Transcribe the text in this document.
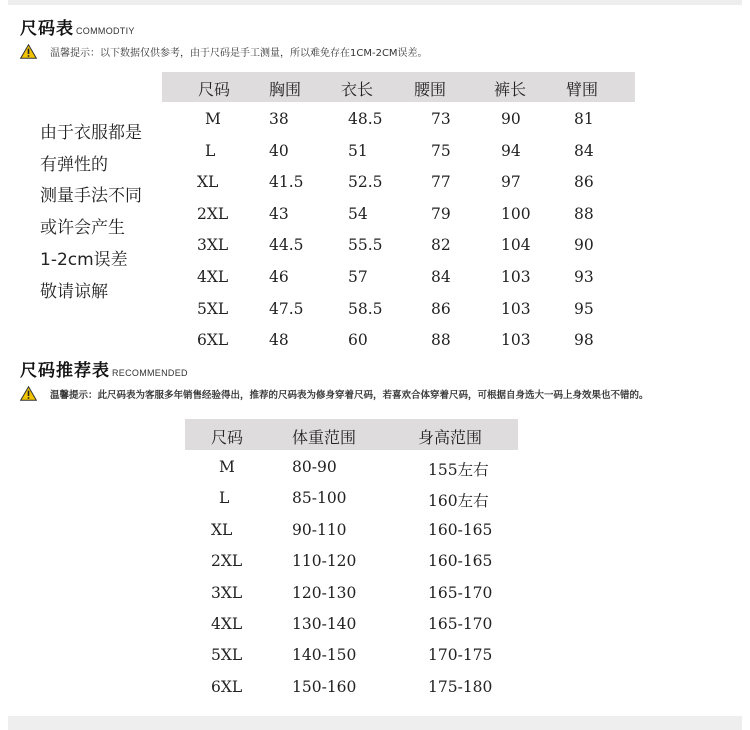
尺码表 COMMODTIY
温馨提示： 以下数据仅供参考，由于尺码是手工测量，所以难免存在1CM-2CM误差。
尺码 胸围 衣长	腰围	裤长 臂围
M	38	48.5	73	90	81
L	40	51	75	94	84
XL	41.5	52.5	77	97	86
2XL	43	54	79	100	88
3XL	44.5	55.5	82	104	90
4XL	46	57	84	103	93
5XL	47.5	58.5	86	103	95
6XL	48	60	88	103	98
由于衣服都是
有弹性的
测量手法不同
或许会产生
1-2cm误差
敬请谅解
尺码推荐表 RECOMMENDED
温馨提示： 此尺码表为客服多年销售经验得出，推荐的尺码表为修身穿着尺码，若喜欢合体穿着尺码，可根据自身选大一码上身效果也不错的。
尺码	体重范围	身高范围
M	80-90	155左右
L	85-100	160左右
XL	90-110	160-165
2XL	110-120	160-165
3XL	120-130	165-170
4XL	130-140	165-170
5XL	140-150	170-175
6XL	150-160	175-180
